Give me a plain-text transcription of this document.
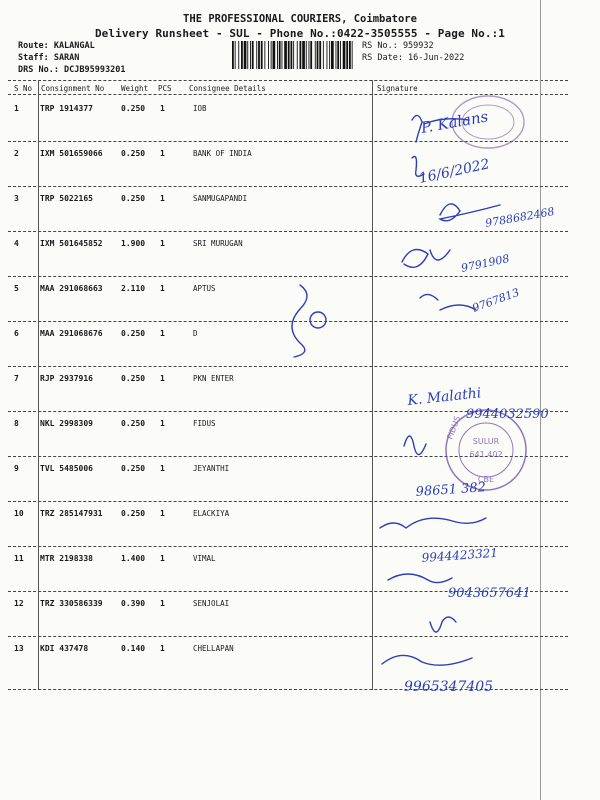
THE PROFESSIONAL COURIERS, Coimbatore
Delivery Runsheet - SUL - Phone No.:0422-3505555 - Page No.:1
Route: KALANGAL
Staff: SARAN
DRS No.: DCJB95993201
RS No.: 959932
RS Date: 16-Jun-2022
S No Consignment No Weight PCS Consignee Details	Signature
1	TRP 1914377	0.250 1	IOB
2	IXM 501659066 0.250 1	BANK OF INDIA
3	TRP 5022165	0.250 1	SANMUGAPANDI
4	IXM 501645852 1.900 1	SRI MURUGAN
5	MAA 291068663 2.110 1	APTUS
6	MAA 291068676 0.250 1	D
7	RJP 2937916	0.250 1	PKN ENTER
8	NKL 2998309	0.250 1	FIDUS
9	TVL 5485006	0.250 1	JEYANTHI
10 TRZ 285147931 0.250 1	ELACKIYA
11 MTR 2198338	1.400 1	VIMAL
12 TRZ 330586339 0.390 1	SENJOLAI
13 KDI 437478	0.140 1	CHELLAPAN
SULUR
641 402
CBE
FIDUS
P. Kalans
16/6/2022
9788682468
9791908
9767813
K. Malathi
9944032590
98651 382
9944423321
9043657641
9965347405
